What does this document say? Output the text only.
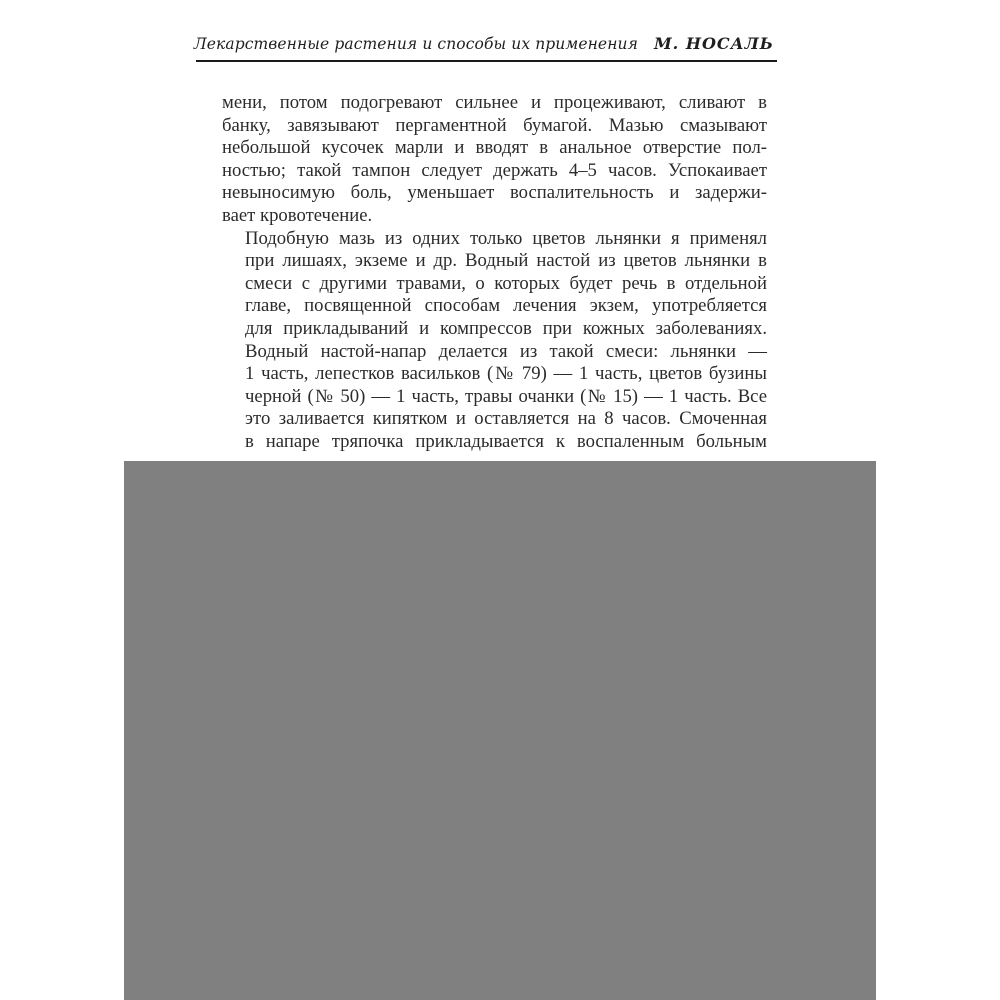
Лекарственные растения и способы их применения М. НОСАЛЬ

мени, потом подогревают сильнее и процеживают, сливают в
банку, завязывают пергаментной бумагой. Мазью смазывают
небольшой кусочек марли и вводят в анальное отверстие пол-
ностью; такой тампон следует держать 4–5 часов. Успокаивает
невыносимую боль, уменьшает воспалительность и задержи-
вает кровотечение.

Подобную мазь из одних только цветов льнянки я применял
при лишаях, экземе и др. Водный настой из цветов льнянки в
смеси с другими травами, о которых будет речь в отдельной
главе, посвященной способам лечения экзем, употребляется
для прикладываний и компрессов при кожных заболеваниях.

Водный настой-напар делается из такой смеси: льнянки —
1 часть, лепестков васильков (№ 79) — 1 часть, цветов бузины
черной (№ 50) — 1 часть, травы очанки (№ 15) — 1 часть. Все
это заливается кипятком и оставляется на 8 часов. Смоченная
в напаре тряпочка прикладывается к воспаленным больным
